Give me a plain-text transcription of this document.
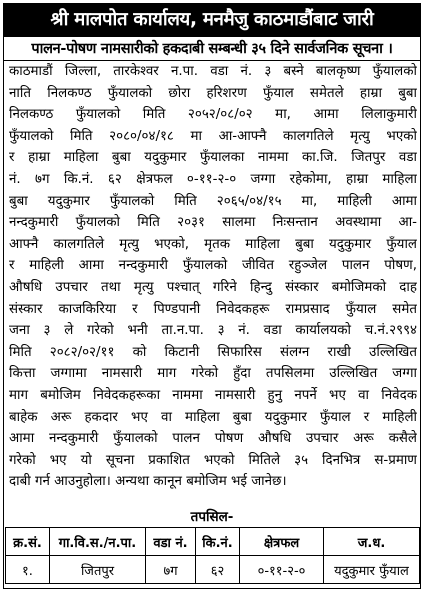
श्री मालपोत कार्यालय, मनमैजु काठमाडौंबाट जारी
पालन-पोषण नामसारीको हकदाबी सम्बन्धी ३५ दिने सार्वजनिक सूचना ।
काठमाडौं जिल्ला, तारकेश्वर न.पा. वडा नं. ३ बस्ने बालकृष्ण फुँयालको
नाति निलकण्ठ फुँयालको छोरा हरिशरण फुँयाल समेतले हाम्रा बुबा
निलकण्ठ फुँयालको मिति २०५२/०८/०२ मा, आमा लिलाकुमारी
फुँयालको मिति २०८०/०४/१८ मा आ-आफ्नै कालगतिले मृत्यु भएको
र हाम्रा माहिला बुबा यदुकुमार फुँयालका नाममा का.जि. जितपुर वडा
नं. ७ग कि.नं. ६२ क्षेत्रफल ०-११-२-० जग्गा रहेकोमा, हाम्रा माहिला
बुबा यदुकुमार फुँयालको मिति २०६५/०४/१५ मा, माहिली आमा
नन्दकुमारी फुँयालको मिति २०३१ सालमा निःसन्तान अवस्थामा आ-
आफ्नै कालगतिले मृत्यु भएको, मृतक माहिला बुबा यदुकुमार फुँयाल
र माहिली आमा नन्दकुमारी फुँयालको जीवित रहुञ्जेल पालन पोषण,
औषधि उपचार तथा मृत्यु पश्चात् गरिने हिन्दु संस्कार बमोजिमको दाह
संस्कार काजकिरिया र पिण्डपानी निवेदकहरू रामप्रसाद फुँयाल समेत
जना ३ ले गरेको भनी ता.न.पा. ३ नं. वडा कार्यालयको च.नं.२९९४
मिति २०८२/०२/११ को किटानी सिफारिस संलग्न राखी उल्लिखित
कित्ता जग्गामा नामसारी माग गरेको हुँदा तपसिलमा उल्लिखित जग्गा
माग बमोजिम निवेदकहरूका नाममा नामसारी हुनु नपर्ने भए वा निवेदक
बाहेक अरू हकदार भए वा माहिला बुबा यदुकुमार फुँयाल र माहिली
आमा नन्दकुमारी फुँयालको पालन पोषण औषधि उपचार अरू कसैले
गरेको भए यो सूचना प्रकाशित भएको मितिले ३५ दिनभित्र स-प्रमाण
दाबी गर्न आउनुहोला। अन्यथा कानून बमोजिम भई जानेछ।
तपसिल-
क्र.सं.	गा.वि.स./न.पा.	वडा नं.	कि.नं.	क्षेत्रफल	ज.ध.
१.	जितपुर	७ग	६२	०-११-२-०	यदुकुमार फुँयाल
